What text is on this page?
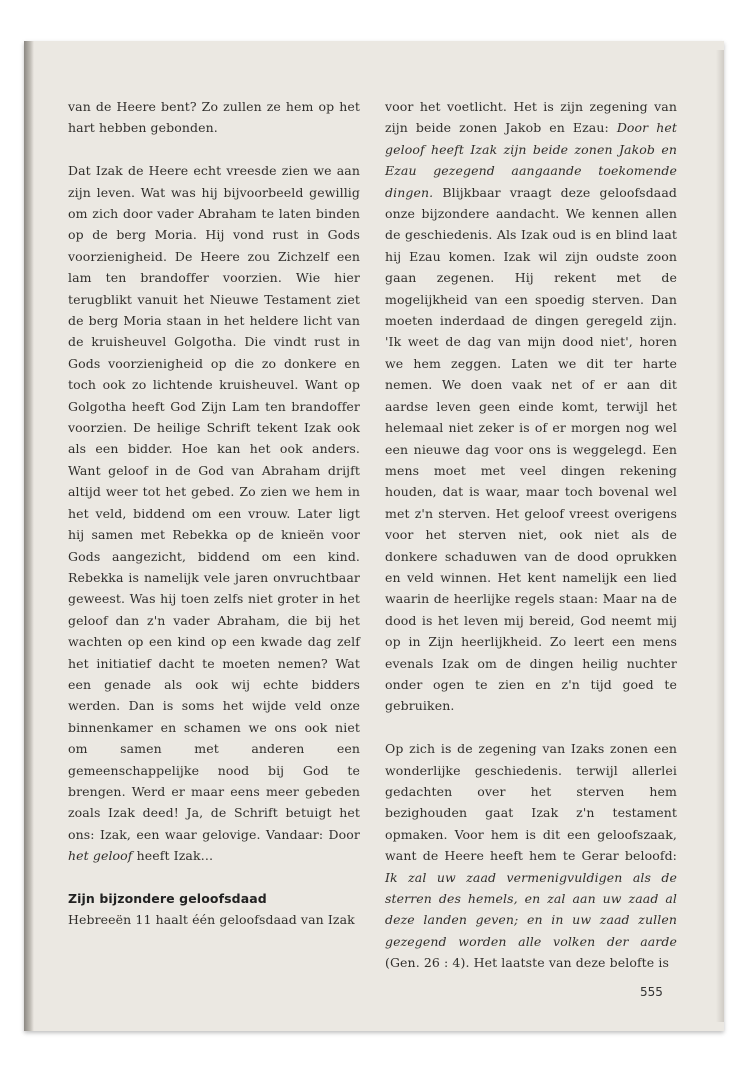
van de Heere bent? Zo zullen ze hem op het hart hebben gebonden.

Dat Izak de Heere echt vreesde zien we aan zijn leven. Wat was hij bijvoorbeeld gewillig om zich door vader Abraham te laten binden op de berg Moria. Hij vond rust in Gods voorzienigheid. De Heere zou Zichzelf een lam ten brandoffer voorzien. Wie hier terugblikt vanuit het Nieuwe Testament ziet de berg Moria staan in het heldere licht van de kruisheuvel Golgotha. Die vindt rust in Gods voorzienigheid op die zo donkere en toch ook zo lichtende kruisheuvel. Want op Golgotha heeft God Zijn Lam ten brandoffer voorzien. De heilige Schrift tekent Izak ook als een bidder. Hoe kan het ook anders. Want geloof in de God van Abraham drijft altijd weer tot het gebed. Zo zien we hem in het veld, biddend om een vrouw. Later ligt hij samen met Rebekka op de knieën voor Gods aangezicht, biddend om een kind. Rebekka is namelijk vele jaren onvruchtbaar geweest. Was hij toen zelfs niet groter in het geloof dan z'n vader Abraham, die bij het wachten op een kind op een kwade dag zelf het initiatief dacht te moeten nemen? Wat een genade als ook wij echte bidders werden. Dan is soms het wijde veld onze binnenkamer en schamen we ons ook niet om samen met anderen een gemeenschappelijke nood bij God te brengen. Werd er maar eens meer gebeden zoals Izak deed! Ja, de Schrift betuigt het ons: Izak, een waar gelovige. Vandaar: Door het geloof heeft Izak…

Zijn bijzondere geloofsdaad

Hebreeën 11 haalt één geloofsdaad van Izak

voor het voetlicht. Het is zijn zegening van zijn beide zonen Jakob en Ezau: Door het geloof heeft Izak zijn beide zonen Jakob en Ezau gezegend aangaande toekomende dingen. Blijkbaar vraagt deze geloofsdaad onze bijzondere aandacht. We kennen allen de geschiedenis. Als Izak oud is en blind laat hij Ezau komen. Izak wil zijn oudste zoon gaan zegenen. Hij rekent met de mogelijkheid van een spoedig sterven. Dan moeten inderdaad de dingen geregeld zijn. 'Ik weet de dag van mijn dood niet', horen we hem zeggen. Laten we dit ter harte nemen. We doen vaak net of er aan dit aardse leven geen einde komt, terwijl het helemaal niet zeker is of er morgen nog wel een nieuwe dag voor ons is weggelegd. Een mens moet met veel dingen rekening houden, dat is waar, maar toch bovenal wel met z'n sterven. Het geloof vreest overigens voor het sterven niet, ook niet als de donkere schaduwen van de dood oprukken en veld winnen. Het kent namelijk een lied waarin de heerlijke regels staan: Maar na de dood is het leven mij bereid, God neemt mij op in Zijn heerlijkheid. Zo leert een mens evenals Izak om de dingen heilig nuchter onder ogen te zien en z'n tijd goed te gebruiken.

Op zich is de zegening van Izaks zonen een wonderlijke geschiedenis. terwijl allerlei gedachten over het sterven hem bezighouden gaat Izak z'n testament opmaken. Voor hem is dit een geloofszaak, want de Heere heeft hem te Gerar beloofd: Ik zal uw zaad vermenigvuldigen als de sterren des hemels, en zal aan uw zaad al deze landen geven; en in uw zaad zullen gezegend worden alle volken der aarde (Gen. 26 : 4). Het laatste van deze belofte is

555
